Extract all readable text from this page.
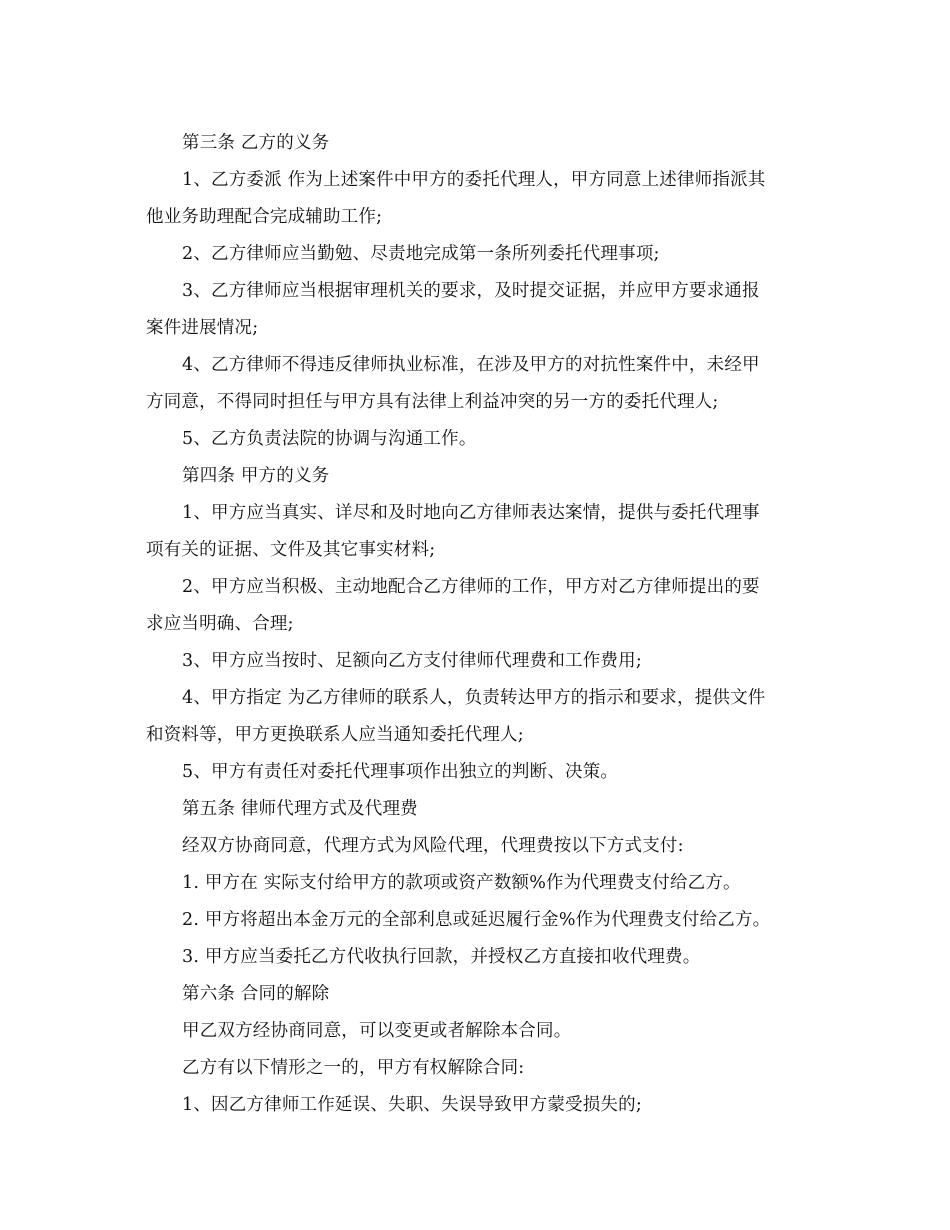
第三条 乙方的义务
1、乙方委派 作为上述案件中甲方的委托代理人，甲方同意上述律师指派其
他业务助理配合完成辅助工作;
2、乙方律师应当勤勉、尽责地完成第一条所列委托代理事项;
3、乙方律师应当根据审理机关的要求，及时提交证据，并应甲方要求通报
案件进展情况;
4、乙方律师不得违反律师执业标准，在涉及甲方的对抗性案件中，未经甲
方同意，不得同时担任与甲方具有法律上利益冲突的另一方的委托代理人;
5、乙方负责法院的协调与沟通工作。
第四条 甲方的义务
1、甲方应当真实、详尽和及时地向乙方律师表达案情，提供与委托代理事
项有关的证据、文件及其它事实材料;
2、甲方应当积极、主动地配合乙方律师的工作，甲方对乙方律师提出的要
求应当明确、合理;
3、甲方应当按时、足额向乙方支付律师代理费和工作费用;
4、甲方指定 为乙方律师的联系人，负责转达甲方的指示和要求，提供文件
和资料等，甲方更换联系人应当通知委托代理人;
5、甲方有责任对委托代理事项作出独立的判断、决策。
第五条 律师代理方式及代理费
经双方协商同意，代理方式为风险代理，代理费按以下方式支付:
1. 甲方在 实际支付给甲方的款项或资产数额%作为代理费支付给乙方。
2. 甲方将超出本金万元的全部利息或延迟履行金%作为代理费支付给乙方。
3. 甲方应当委托乙方代收执行回款，并授权乙方直接扣收代理费。
第六条 合同的解除
甲乙双方经协商同意，可以变更或者解除本合同。
乙方有以下情形之一的，甲方有权解除合同:
1、因乙方律师工作延误、失职、失误导致甲方蒙受损失的;
